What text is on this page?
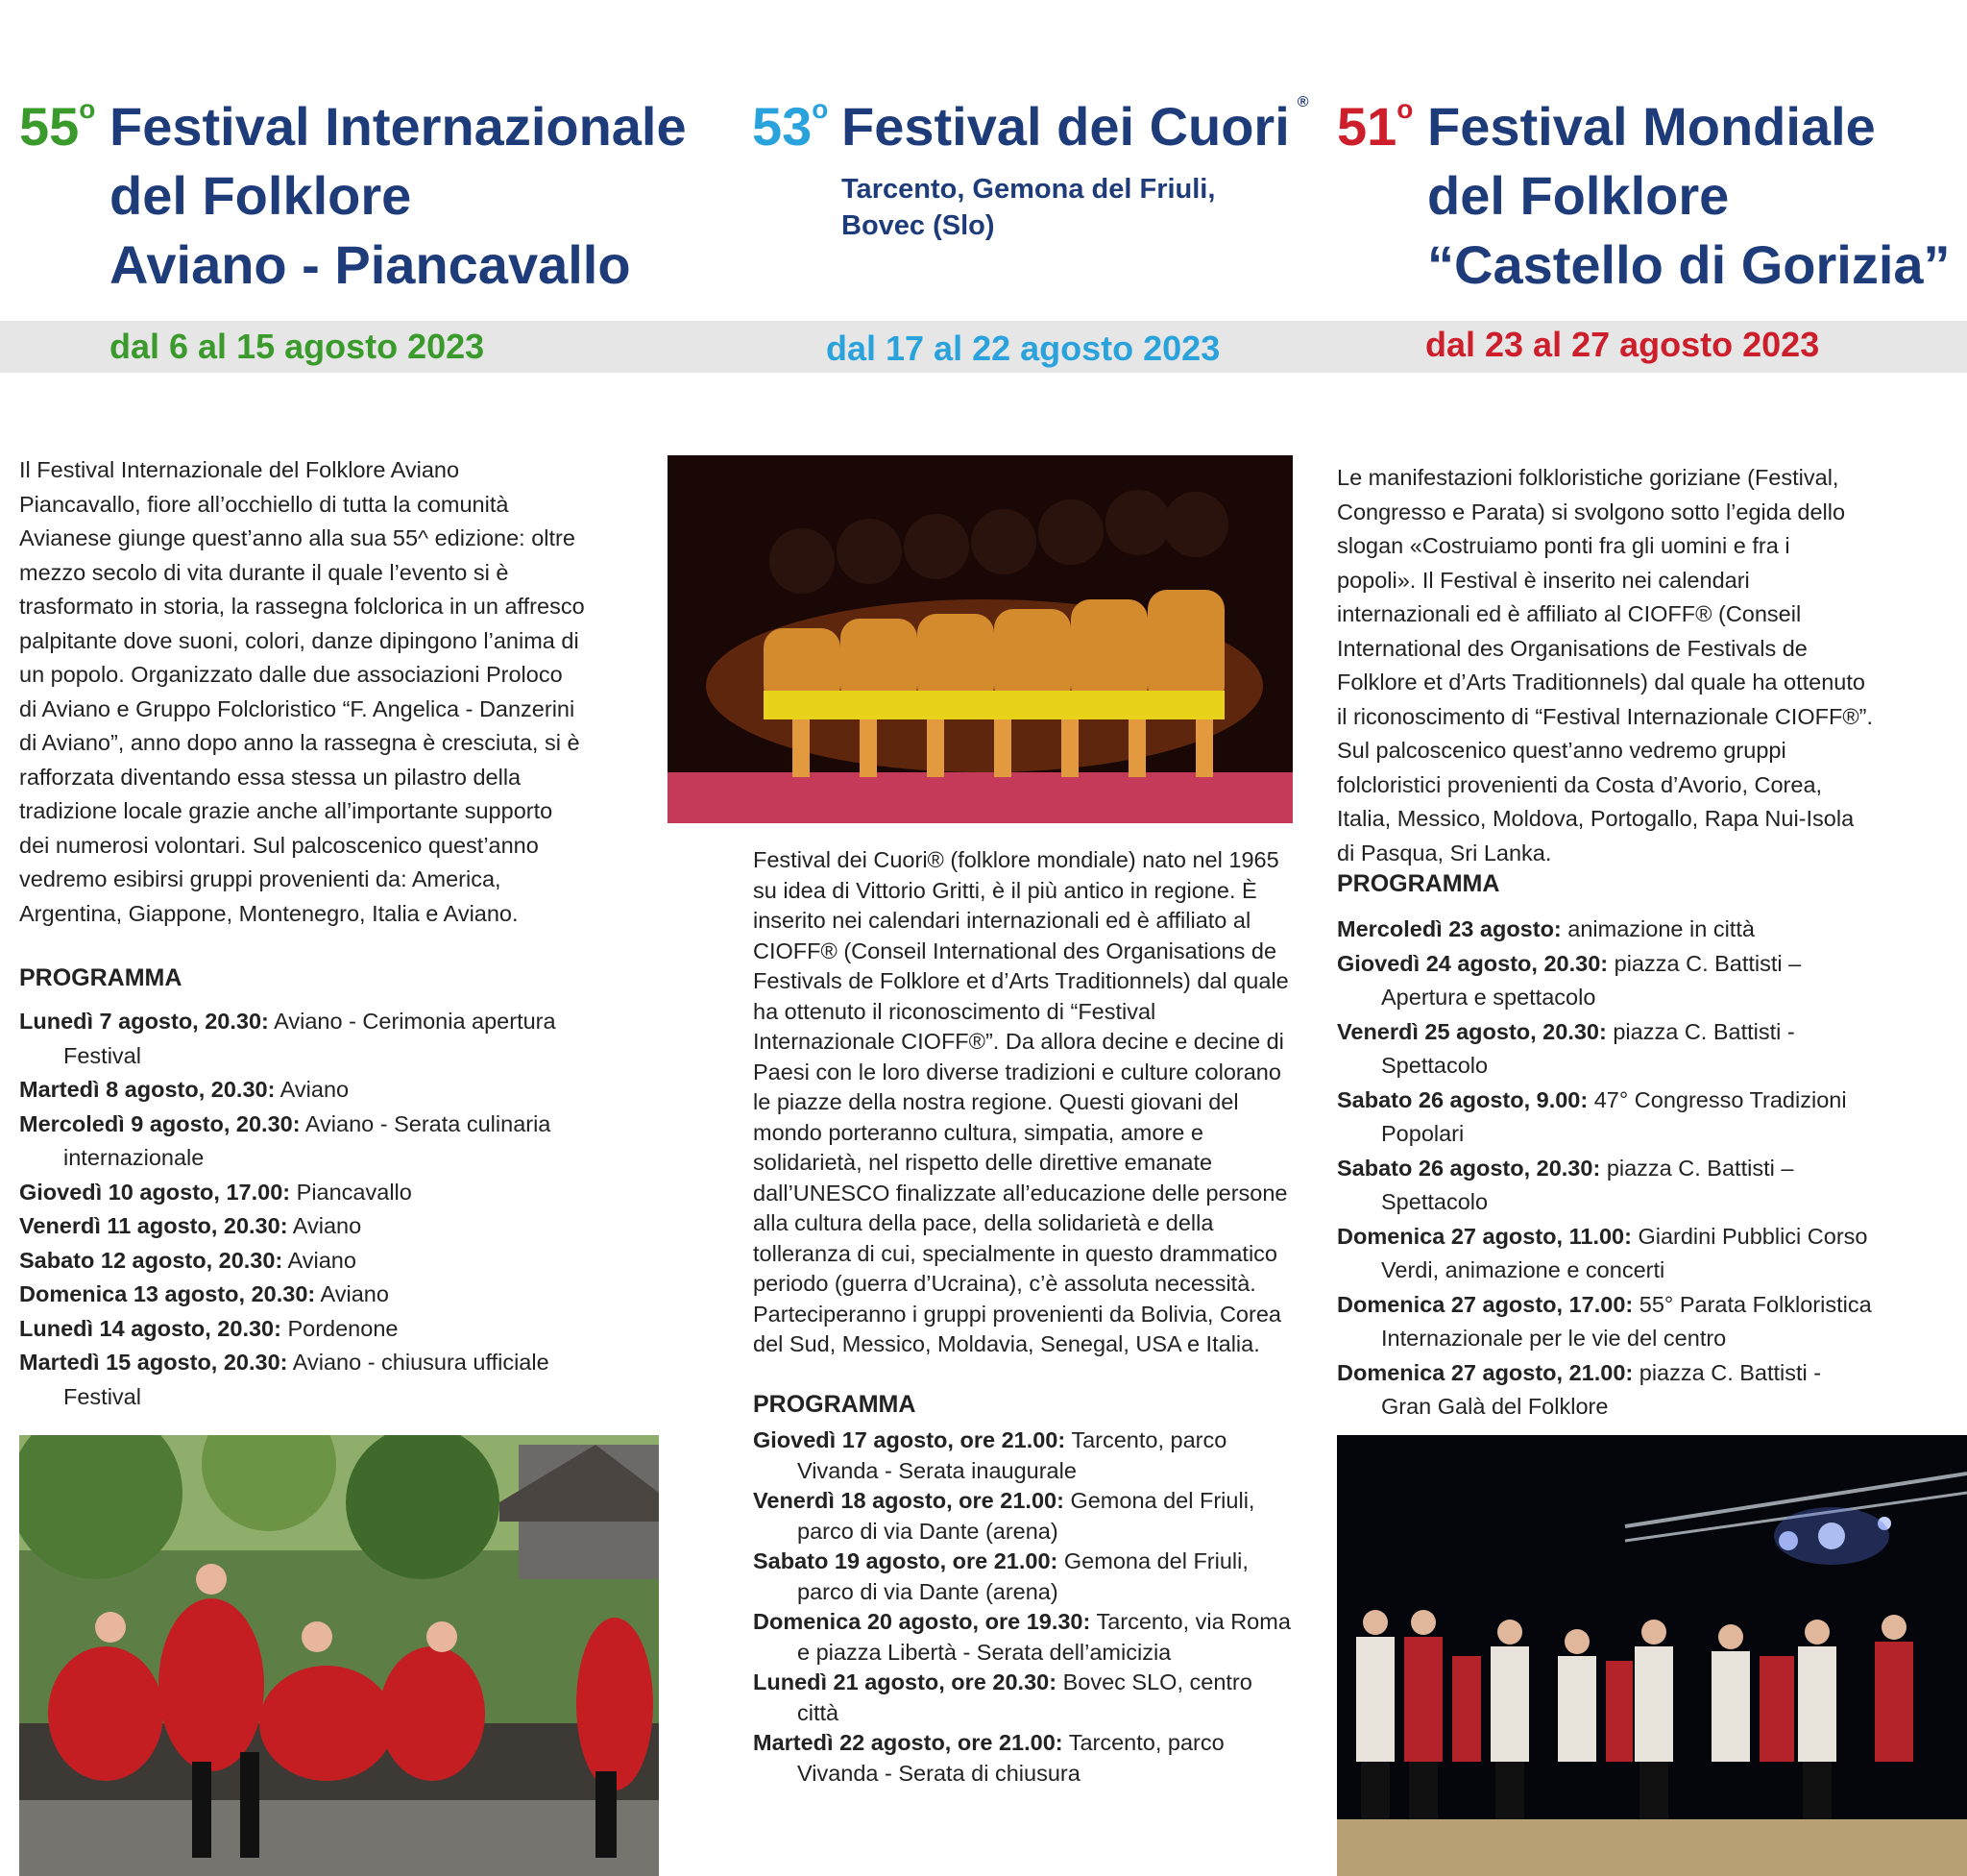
55$^o$ Festival Internazionale
del Folklore
Aviano - Piancavallo
53$^o$ Festival dei Cuori ®
Tarcento, Gemona del Friuli,
Bovec (Slo)
51$^o$ Festival Mondiale
del Folklore
“Castello di Gorizia”
dal 6 al 15 agosto 2023	dal 17 al 22 agosto 2023	dal 23 al 27 agosto 2023
Il Festival Internazionale del Folklore Aviano Piancavallo, fiore all’occhiello di tutta la comunità Avianese giunge quest’anno alla sua 55^ edizione: oltre mezzo secolo di vita durante il quale l’evento si è trasformato in storia, la rassegna folclorica in un affresco palpitante dove suoni, colori, danze dipingono l’anima di un popolo. Organizzato dalle due associazioni Proloco di Aviano e Gruppo Folcloristico “F. Angelica - Danzerini di Aviano”, anno dopo anno la rassegna è cresciuta, si è rafforzata diventando essa stessa un pilastro della tradizione locale grazie anche all’importante supporto dei numerosi volontari. Sul palcoscenico quest’anno vedremo esibirsi gruppi provenienti da: America, Argentina, Giappone, Montenegro, Italia e Aviano.
PROGRAMMA
Lunedì 7 agosto, 20.30: Aviano - Cerimonia apertura Festival
Martedì 8 agosto, 20.30: Aviano
Mercoledì 9 agosto, 20.30: Aviano - Serata culinaria internazionale
Giovedì 10 agosto, 17.00: Piancavallo
Venerdì 11 agosto, 20.30: Aviano
Sabato 12 agosto, 20.30: Aviano
Domenica 13 agosto, 20.30: Aviano
Lunedì 14 agosto, 20.30: Pordenone
Martedì 15 agosto, 20.30: Aviano - chiusura ufficiale Festival
Festival dei Cuori® (folklore mondiale) nato nel 1965 su idea di Vittorio Gritti, è il più antico in regione. È inserito nei calendari internazionali ed è affiliato al CIOFF® (Conseil International des Organisations de Festivals de Folklore et d’Arts Traditionnels) dal quale ha ottenuto il riconoscimento di “Festival Internazionale CIOFF®”. Da allora decine e decine di Paesi con le loro diverse tradizioni e culture colorano le piazze della nostra regione. Questi giovani del mondo porteranno cultura, simpatia, amore e solidarietà, nel rispetto delle direttive emanate dall’UNESCO finalizzate all’educazione delle persone alla cultura della pace, della solidarietà e della tolleranza di cui, specialmente in questo drammatico periodo (guerra d’Ucraina), c’è assoluta necessità. Parteciperanno i gruppi provenienti da Bolivia, Corea del Sud, Messico, Moldavia, Senegal, USA e Italia.
PROGRAMMA
Giovedì 17 agosto, ore 21.00: Tarcento, parco Vivanda - Serata inaugurale
Venerdì 18 agosto, ore 21.00: Gemona del Friuli, parco di via Dante (arena)
Sabato 19 agosto, ore 21.00: Gemona del Friuli, parco di via Dante (arena)
Domenica 20 agosto, ore 19.30: Tarcento, via Roma e piazza Libertà - Serata dell’amicizia
Lunedì 21 agosto, ore 20.30: Bovec SLO, centro città
Martedì 22 agosto, ore 21.00: Tarcento, parco Vivanda - Serata di chiusura
Le manifestazioni folkloristiche goriziane (Festival, Congresso e Parata) si svolgono sotto l’egida dello slogan «Costruiamo ponti fra gli uomini e fra i popoli». Il Festival è inserito nei calendari internazionali ed è affiliato al CIOFF® (Conseil International des Organisations de Festivals de Folklore et d’Arts Traditionnels) dal quale ha ottenuto il riconoscimento di “Festival Internazionale CIOFF®”. Sul palcoscenico quest’anno vedremo gruppi folcloristici provenienti da Costa d’Avorio, Corea, Italia, Messico, Moldova, Portogallo, Rapa Nui-Isola di Pasqua, Sri Lanka.
PROGRAMMA
Mercoledì 23 agosto: animazione in città
Giovedì 24 agosto, 20.30: piazza C. Battisti – Apertura e spettacolo
Venerdì 25 agosto, 20.30: piazza C. Battisti - Spettacolo
Sabato 26 agosto, 9.00: 47° Congresso Tradizioni Popolari
Sabato 26 agosto, 20.30: piazza C. Battisti – Spettacolo
Domenica 27 agosto, 11.00: Giardini Pubblici Corso Verdi, animazione e concerti
Domenica 27 agosto, 17.00: 55° Parata Folkloristica Internazionale per le vie del centro
Domenica 27 agosto, 21.00: piazza C. Battisti - Gran Galà del Folklore
